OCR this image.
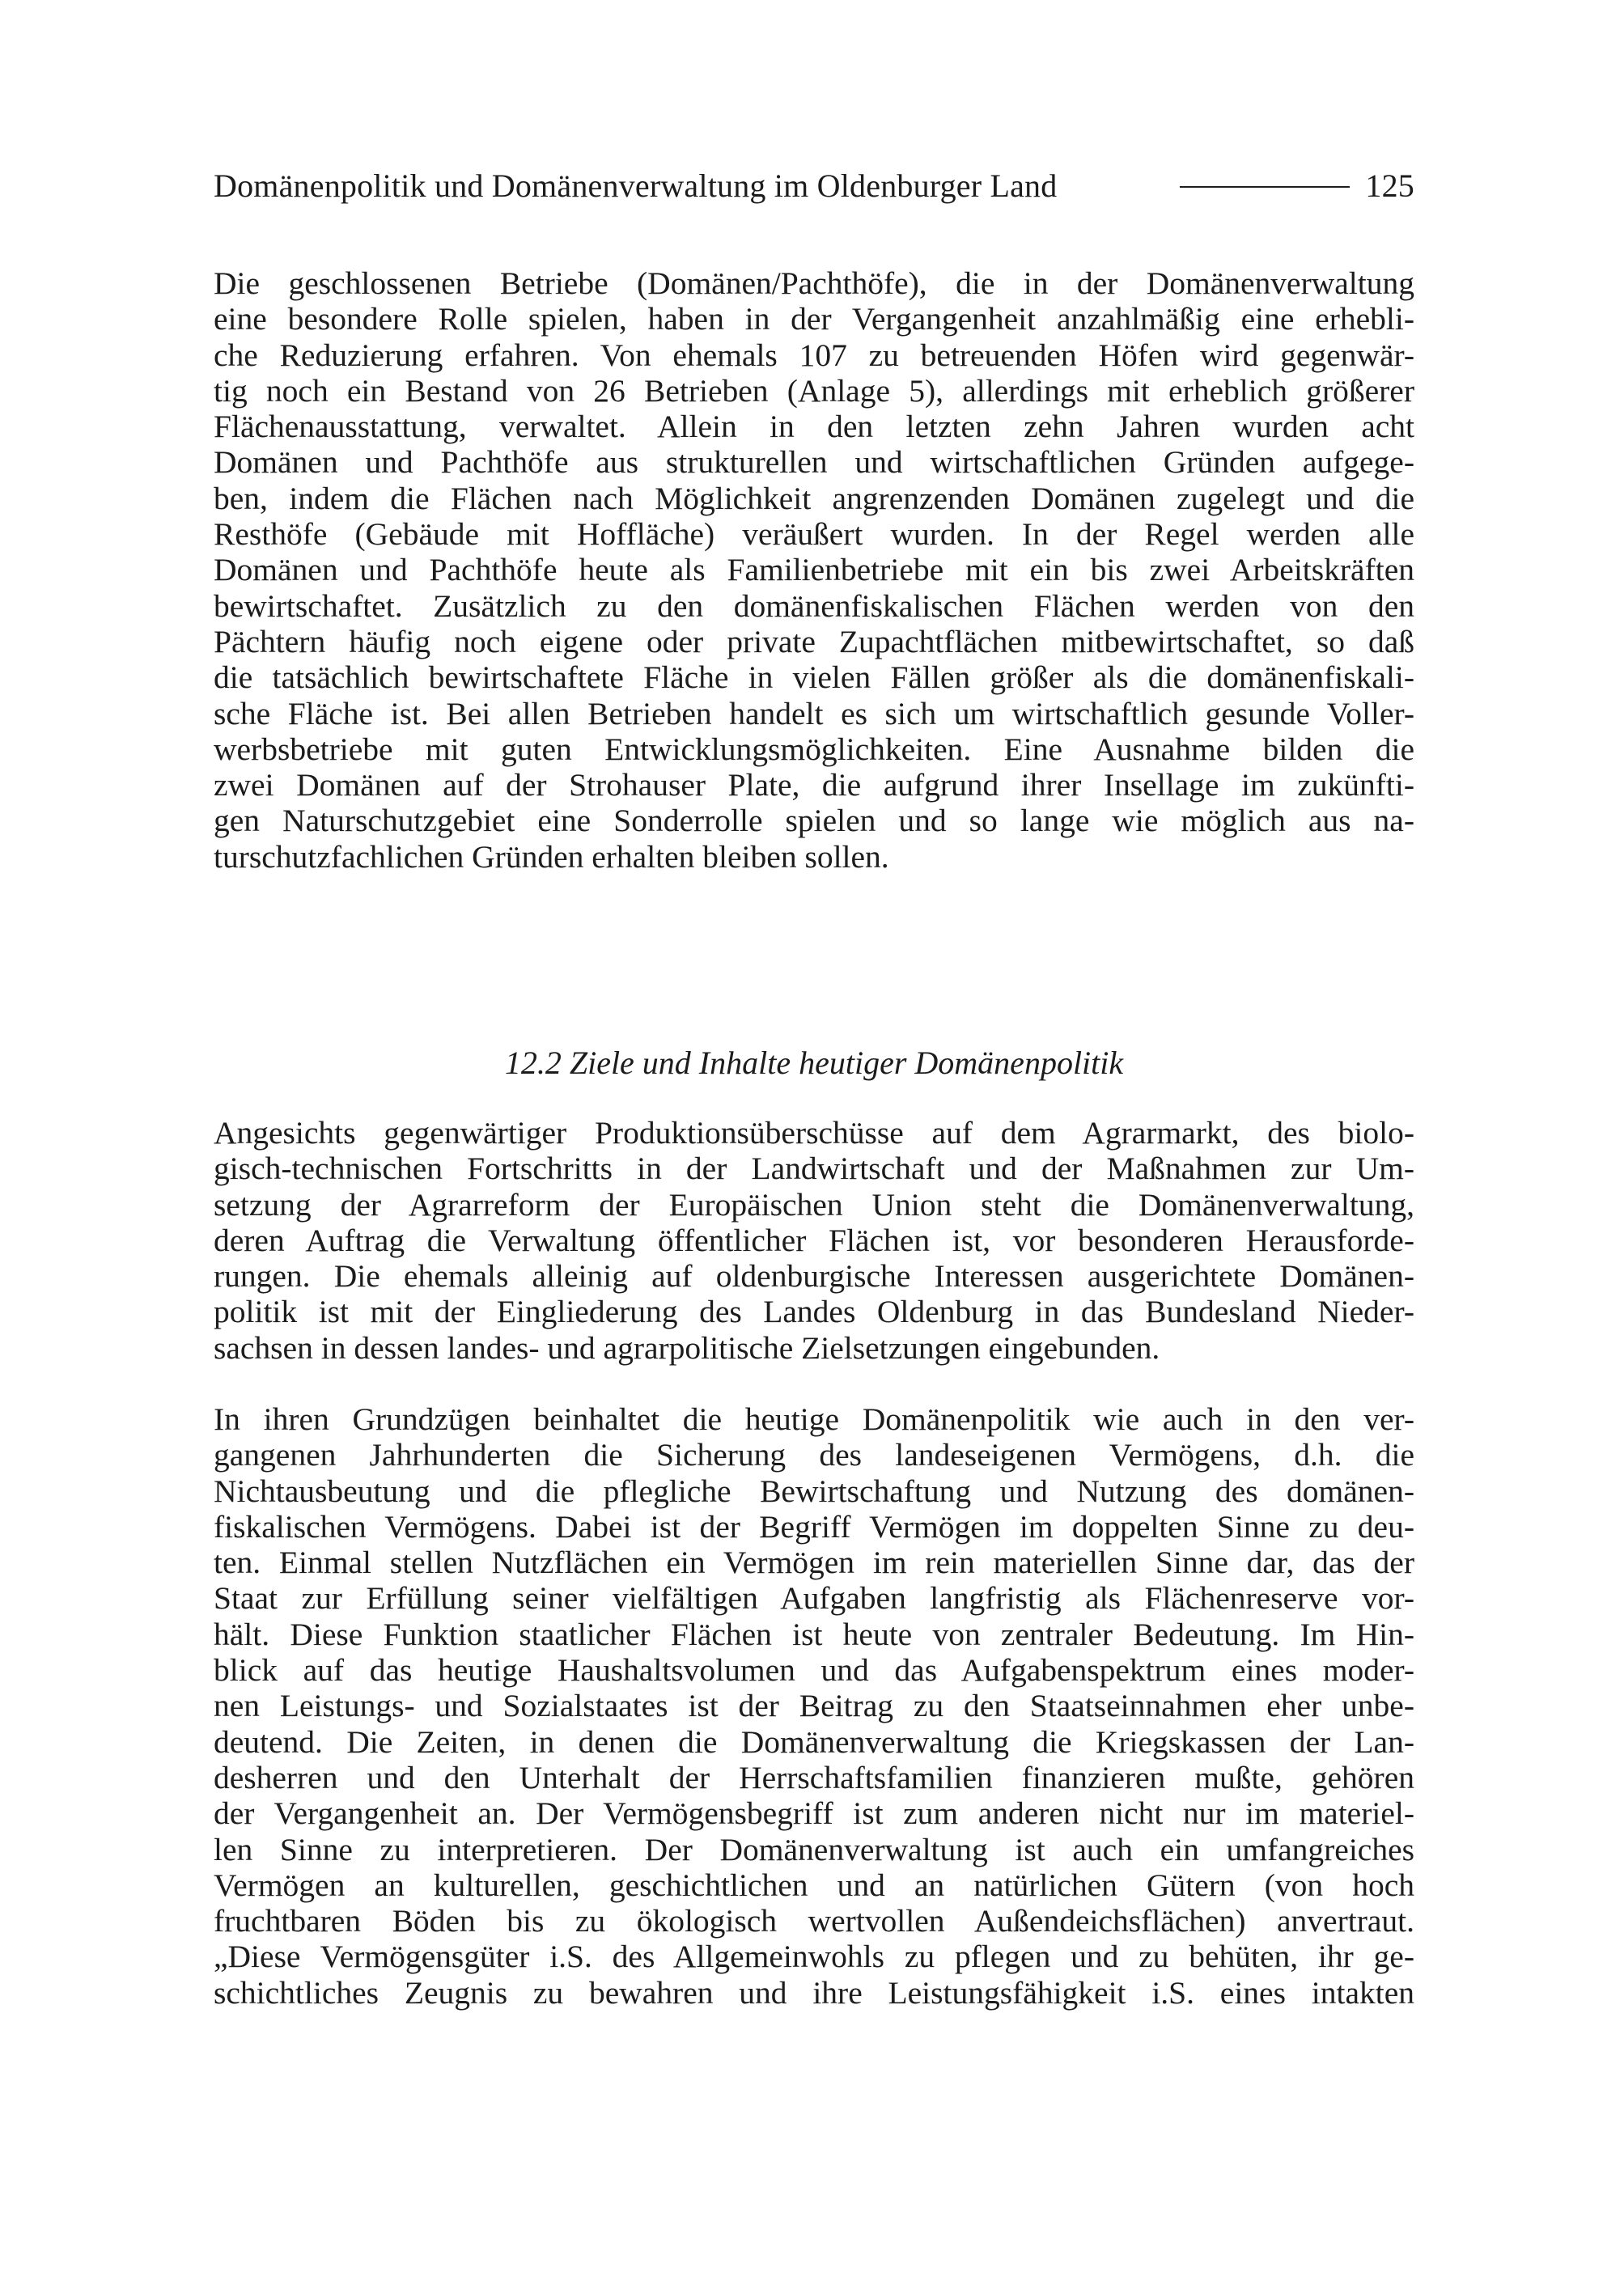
Domänenpolitik und Domänenverwaltung im Oldenburger Land	125
Die geschlossenen Betriebe (Domänen/Pachthöfe), die in der Domänenverwaltung
eine besondere Rolle spielen, haben in der Vergangenheit anzahlmäßig eine erhebli-
che Reduzierung erfahren. Von ehemals 107 zu betreuenden Höfen wird gegenwär-
tig noch ein Bestand von 26 Betrieben (Anlage 5), allerdings mit erheblich größerer
Flächenausstattung, verwaltet. Allein in den letzten zehn Jahren wurden acht
Domänen und Pachthöfe aus strukturellen und wirtschaftlichen Gründen aufgege-
ben, indem die Flächen nach Möglichkeit angrenzenden Domänen zugelegt und die
Resthöfe (Gebäude mit Hoffläche) veräußert wurden. In der Regel werden alle
Domänen und Pachthöfe heute als Familienbetriebe mit ein bis zwei Arbeitskräften
bewirtschaftet. Zusätzlich zu den domänenfiskalischen Flächen werden von den
Pächtern häufig noch eigene oder private Zupachtflächen mitbewirtschaftet, so daß
die tatsächlich bewirtschaftete Fläche in vielen Fällen größer als die domänenfiskali-
sche Fläche ist. Bei allen Betrieben handelt es sich um wirtschaftlich gesunde Voller-
werbsbetriebe mit guten Entwicklungsmöglichkeiten. Eine Ausnahme bilden die
zwei Domänen auf der Strohauser Plate, die aufgrund ihrer Insellage im zukünfti-
gen Naturschutzgebiet eine Sonderrolle spielen und so lange wie möglich aus na-
turschutzfachlichen Gründen erhalten bleiben sollen.
12.2 Ziele und Inhalte heutiger Domänenpolitik
Angesichts gegenwärtiger Produktionsüberschüsse auf dem Agrarmarkt, des biolo-
gisch-technischen Fortschritts in der Landwirtschaft und der Maßnahmen zur Um-
setzung der Agrarreform der Europäischen Union steht die Domänenverwaltung,
deren Auftrag die Verwaltung öffentlicher Flächen ist, vor besonderen Herausforde-
rungen. Die ehemals alleinig auf oldenburgische Interessen ausgerichtete Domänen-
politik ist mit der Eingliederung des Landes Oldenburg in das Bundesland Nieder-
sachsen in dessen landes- und agrarpolitische Zielsetzungen eingebunden.
In ihren Grundzügen beinhaltet die heutige Domänenpolitik wie auch in den ver-
gangenen Jahrhunderten die Sicherung des landeseigenen Vermögens, d.h. die
Nichtausbeutung und die pflegliche Bewirtschaftung und Nutzung des domänen-
fiskalischen Vermögens. Dabei ist der Begriff Vermögen im doppelten Sinne zu deu-
ten. Einmal stellen Nutzflächen ein Vermögen im rein materiellen Sinne dar, das der
Staat zur Erfüllung seiner vielfältigen Aufgaben langfristig als Flächenreserve vor-
hält. Diese Funktion staatlicher Flächen ist heute von zentraler Bedeutung. Im Hin-
blick auf das heutige Haushaltsvolumen und das Aufgabenspektrum eines moder-
nen Leistungs- und Sozialstaates ist der Beitrag zu den Staatseinnahmen eher unbe-
deutend. Die Zeiten, in denen die Domänenverwaltung die Kriegskassen der Lan-
desherren und den Unterhalt der Herrschaftsfamilien finanzieren mußte, gehören
der Vergangenheit an. Der Vermögensbegriff ist zum anderen nicht nur im materiel-
len Sinne zu interpretieren. Der Domänenverwaltung ist auch ein umfangreiches
Vermögen an kulturellen, geschichtlichen und an natürlichen Gütern (von hoch
fruchtbaren Böden bis zu ökologisch wertvollen Außendeichsflächen) anvertraut.
„Diese Vermögensgüter i.S. des Allgemeinwohls zu pflegen und zu behüten, ihr ge-
schichtliches Zeugnis zu bewahren und ihre Leistungsfähigkeit i.S. eines intakten
